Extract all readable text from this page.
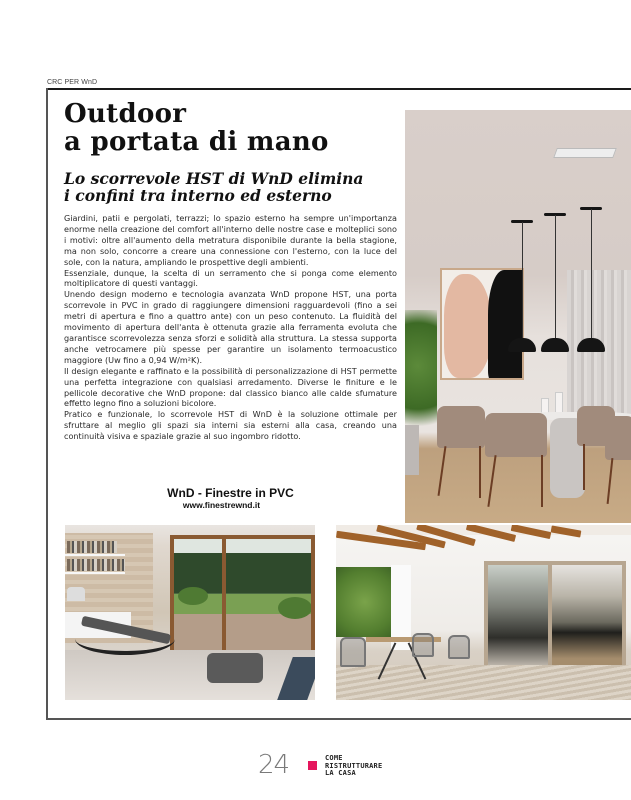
CRC PER WnD
Outdoor
a portata di mano
Lo scorrevole HST di WnD elimina
i confini tra interno ed esterno

Giardini, patii e pergolati, terrazzi; lo spazio esterno ha sempre un'importanza enorme nella creazione del comfort all'interno delle nostre case e molteplici sono i motivi: oltre all'aumento della metratura disponibile durante la bella stagione, ma non solo, concorre a creare una connessione con l'esterno, con la luce del sole, con la natura, ampliando le prospettive degli ambienti.

Essenziale, dunque, la scelta di un serramento che si ponga come elemento moltiplicatore di questi vantaggi.

Unendo design moderno e tecnologia avanzata WnD propone HST, una porta scorrevole in PVC in grado di raggiungere dimensioni ragguardevoli (fino a sei metri di apertura e fino a quattro ante) con un peso contenuto. La fluidità del movimento di apertura dell'anta è ottenuta grazie alla ferramenta evoluta che garantisce scorrevolezza senza sforzi e solidità alla struttura. La stessa supporta anche vetrocamere più spesse per garantire un isolamento termoacustico maggiore (Uw fino a 0,94 W/m²K).

Il design elegante e raffinato e la possibilità di personalizzazione di HST permette una perfetta integrazione con qualsiasi arredamento. Diverse le finiture e le pellicole decorative che WnD propone: dal classico bianco alle calde sfumature effetto legno fino a soluzioni bicolore.

Pratico e funzionale, lo scorrevole HST di WnD è la soluzione ottimale per sfruttare al meglio gli spazi sia interni sia esterni alla casa, creando una continuità visiva e spaziale grazie al suo ingombro ridotto.

WnD - Finestre in PVC
www.finestrewnd.it
24	COME
RISTRUTTURARE
LA CASA
